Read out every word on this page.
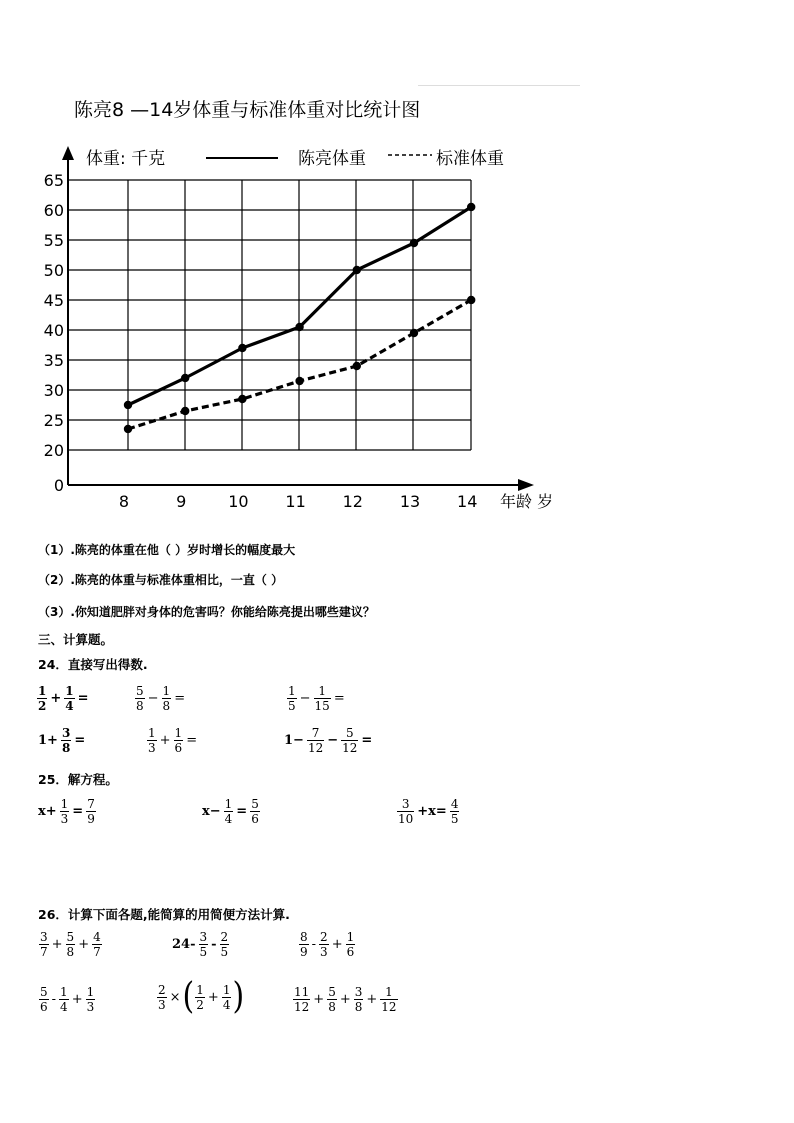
陈亮8 —14岁体重与标准体重对比统计图
体重: 千克	陈亮体重	标准体重
0
20
25
30
35
40
45
50
55
60
65
8	9	10 11 12 13 14 年龄 岁
（1）.陈亮的体重在他（ ）岁时增长的幅度最大
（2）.陈亮的体重与标准体重相比，一直（ ）
（3）.你知道肥胖对身体的危害吗？你能给陈亮提出哪些建议？
三、计算题。
24．直接写出得数.
$\frac{1}{2} + \frac{1}{4}$ =	$\frac{5}{8} - \frac{1}{8}$ =	$\frac{1}{5} - \frac{1}{15}$ =
$1+ \frac{3}{8}$ =	$\frac{1}{3} + \frac{1}{6}$ =	$1- \frac{7}{12} - \frac{5}{12}$ =
25．解方程。
$x+ \frac{1}{3} = \frac{7}{9}$	$x- \frac{1}{4} = \frac{5}{6}$	$\frac{3}{10} +x= \frac{4}{5}$
26．计算下面各题,能简算的用简便方法计算.
$\frac{3}{7} + \frac{5}{8} + \frac{4}{7}$	$24- \frac{3}{5} - \frac{2}{5}$	$\frac{8}{9} - \frac{2}{3} + \frac{1}{6}$
$\frac{5}{6} - \frac{1}{4} + \frac{1}{3}$	$\frac{2}{3}$ × ( $\frac{1}{2} + \frac{1}{4}$ )	$\frac{11}{12} + \frac{5}{8} + \frac{3}{8} + \frac{1}{12}$
